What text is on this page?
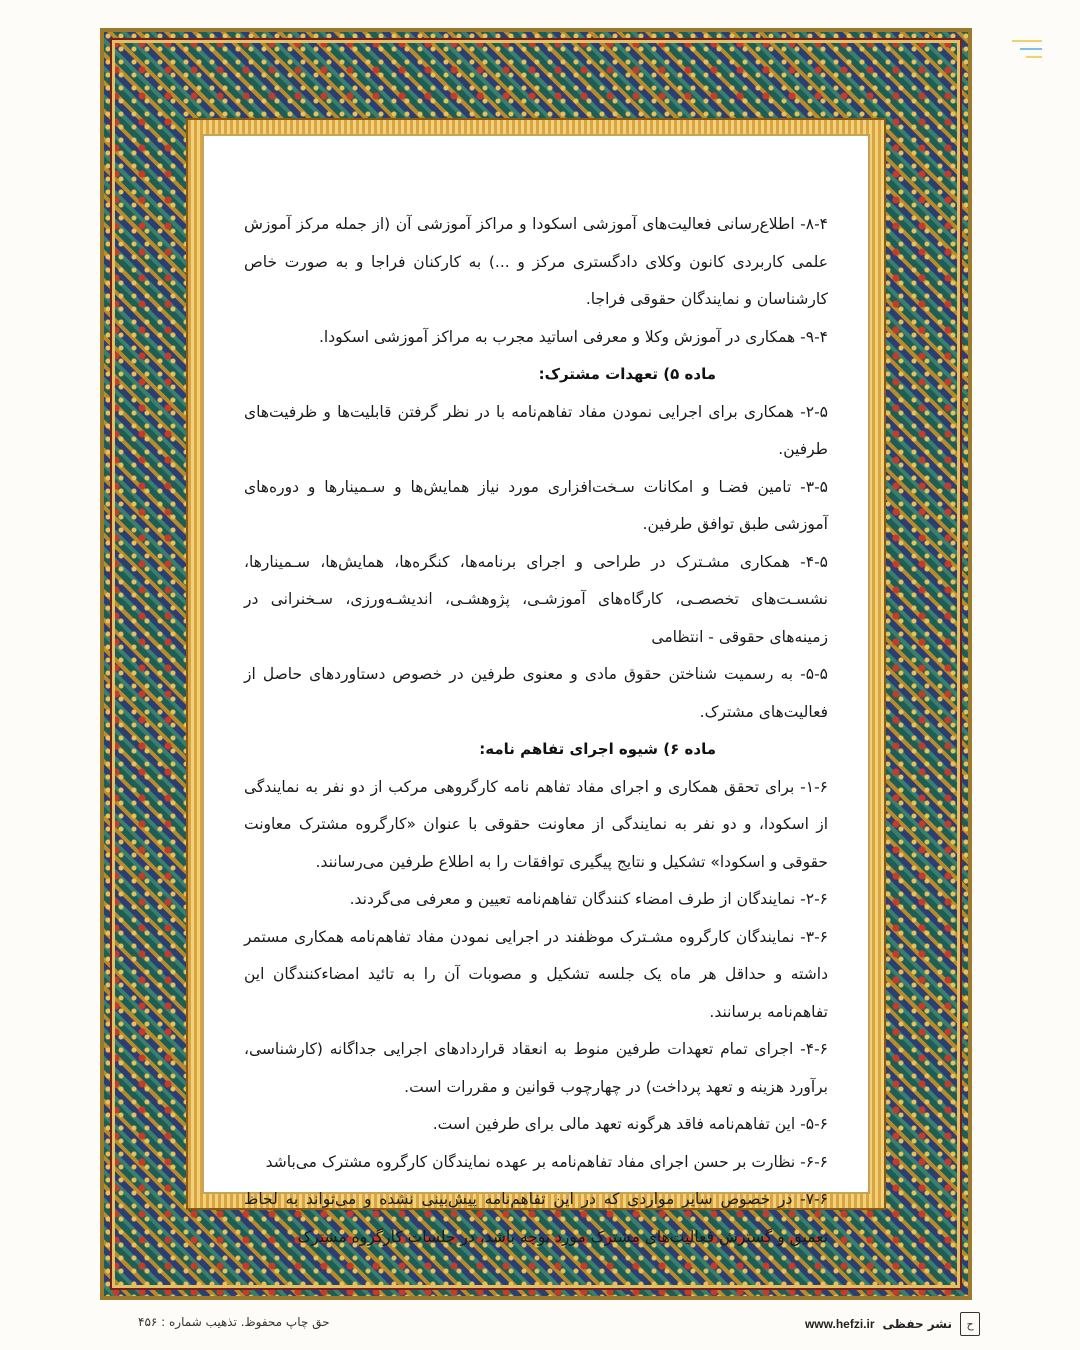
۸-۴- اطلاع‌رسانی فعالیت‌های آموزشی اسکودا و مراکز آموزشی آن (از جمله مرکز آموزش علمی کاربردی کانون وکلای دادگستری مرکز و ...) به کارکنان فراجا و به صورت خاص کارشناسان و نمایندگان حقوقی فراجا.

۹-۴- همکاری در آموزش وکلا و معرفی اساتید مجرب به مراکز آموزشی اسکودا.

ماده ۵) تعهدات مشترک:

۲-۵- همکاری برای اجرایی نمودن مفاد تفاهم‌نامه با در نظر گرفتن قابلیت‌ها و ظرفیت‌های طرفین.

۳-۵- تامین فضـا و امکانات سـخت‌افزاری مورد نیاز همایش‌ها و سـمینارها و دوره‌های آموزشی طبق توافق طرفین.

۴-۵- همکاری مشـترک در طراحی و اجرای برنامه‌ها، کنگره‌ها، همایش‌ها، سـمینارها، نشسـت‌های تخصصـی، کارگاه‌های آموزشـی، پژوهشـی، اندیشـه‌ورزی، سـخنرانی در زمینه‌های حقوقی - انتظامی

۵-۵- به رسمیت شناختن حقوق مادی و معنوی طرفین در خصوص دستاوردهای حاصل از فعالیت‌های مشترک.

ماده ۶) شیوه اجرای تفاهم نامه:

۱-۶- برای تحقق همکاری و اجرای مفاد تفاهم نامه کارگروهی مرکب از دو نفر به نمایندگی از اسکودا، و دو نفر به نمایندگی از معاونت حقوقی با عنوان «کارگروه مشترک معاونت حقوقی و اسکودا» تشکیل و نتایج پیگیری توافقات را به اطلاع طرفین می‌رسانند.

۲-۶- نمایندگان از طرف امضاء کنندگان تفاهم‌نامه تعیین و معرفی می‌گردند.

۳-۶- نمایندگان کارگروه مشـترک موظفند در اجرایی نمودن مفاد تفاهم‌نامه همکاری مستمر داشته و حداقل هر ماه یک جلسه تشکیل و مصوبات آن را به تائید امضاءکنندگان این تفاهم‌نامه برسانند.

۴-۶- اجرای تمام تعهدات طرفین منوط به انعقاد قراردادهای اجرایی جداگانه (کارشناسی، برآورد هزینه و تعهد پرداخت) در چهارچوب قوانین و مقررات است.

۵-۶- این تفاهم‌نامه فاقد هرگونه تعهد مالی برای طرفین است.

۶-۶- نظارت بر حسن اجرای مفاد تفاهم‌نامه بر عهده نمایندگان کارگروه مشترک می‌باشد

۷-۶- در خصوص سایر مواردی که در این تفاهم‌نامه پیش‌بینی نشده و می‌تواند به لحاظ تعمیق و گسترش فعالیت‌های مشترک مورد توجه باشد، در جلسات کارگروه مشترک

ح
نشر حفظی
www.hefzi.ir
حق چاپ محفوظ. تذهیب شماره : ۴۵۶
